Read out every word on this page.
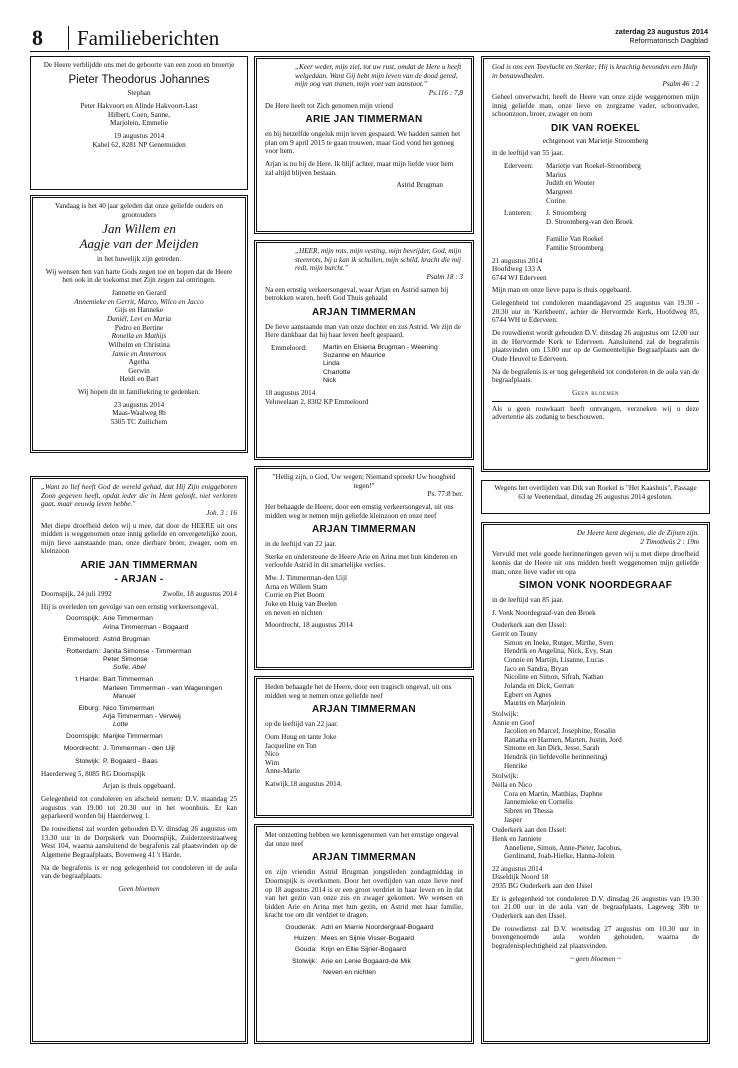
8	Familieberichten	zaterdag 23 augustus 2014
Reformatorisch Dagblad
De Heere verblijdde ons met de geboorte van een zoon en broertje
Pieter Theodorus Johannes
Stephan
Peter Hakvoort en Alinde Hakvoort-Last
Hilbert, Coen, Sanne,
Marjolein, Emmelie
19 augustus 2014
Kabel 62, 8281 NP Genemuiden
Vandaag is het 40 jaar geleden dat onze geliefde ouders en grootouders
Jan Willem en
Aagje van der Meijden
in het huwelijk zijn getreden.
Wij wensen hen van harte Gods zegen toe en hopen dat de Heere hen ook in de toekomst met Zijn zegen zal omringen.
Jannette en Gerard
Annemieke en Gerrit, Marco, Wilco en Jacco
Gijs en Hanneke
Daniël, Levi en Maria
Pedro en Bertine
Ronella en Mathijs
Wilhelm en Christina
Jamie en Anneroos
Agetha
Gerwin
Heidi en Bart
Wij hopen dit in familiekring te gedenken.
23 augustus 2014
Maas-Waalweg 8b
5305 TC Zuilichem
„Want zo lief heeft God de wereld gehad, dat Hij Zijn eniggeboren Zoon gegeven heeft, opdat ieder die in Hem gelooft, niet verloren gaat, maar eeuwig leven hebbe."
Joh. 3 : 16
Met diepe droefheid delen wij u mee, dat door de HEERE uit ons midden is weggenomen onze innig geliefde en onvergetelijke zoon, mijn lieve aanstaande man, onze dierbare broer, zwager, oom en kleinzoon
ARIE JAN TIMMERMAN
- ARJAN -
Doornspijk, 24 juli 1992	Zwolle, 18 augustus 2014
Hij is overleden ten gevolge van een ernstig verkeersongeval.
Doornspijk: Arie Timmerman
Arina Timmerman - Bogaard
Emmeloord: Astrid Brugman
Rotterdam: Janita Simonse - Timmerman
Peter Simonse
Sofie, Abel
't Harde: Bart Timmerman
Marleen Timmerman - van Wageningen
Manuel
Elburg: Nico Timmerman
Arja Timmerman - Verweij
Lotte
Doornspijk: Marijke Timmerman
Moordrecht: J. Timmerman - den Uijl
Stolwijk: P. Bogaard - Baas
Haerderweg 5, 8085 RG Doornspijk
Arjan is thuis opgebaard.
Gelegenheid tot condoleren en afscheid nemen: D.V. maandag 25 augustus van 19.00 tot 20.30 uur in het woonhuis. Er kan geparkeerd worden bij Haerderweg 1.
De rouwdienst zal worden gehouden D.V. dinsdag 26 augustus om 13.30 uur in de Dorpskerk van Doornspijk, Zuiderzeestraatweg West 104, waarna aansluitend de begrafenis zal plaatsvinden op de Algemene Begraafplaats, Bovenweg 41 't Harde.
Na de begrafenis is er nog gelegenheid tot condoleren in de aula van de begraafplaats.
Geen bloemen
„Keer weder, mijn ziel, tot uw rust, omdat de Here u heeft welgedaan. Want Gij hebt mijn leven van de dood gered, mijn oog van tranen, mijn voet van aanstoot."
Ps.116 : 7,8
De Here heeft tot Zich genomen mijn vriend
ARIE JAN TIMMERMAN
en bij hetzelfde ongeluk mijn leven gespaard. We hadden samen het plan om 9 april 2015 te gaan trouwen, maar God vond het genoeg voor hem.
Arjan is nu bij de Here. Ik blijf achter, maar mijn liefde voor hem zal altijd blijven bestaan.
Astrid Brugman
„HEER, mijn rots, mijn vesting, mijn bevrijder, God, mijn steenrots, bij u kan ik schuilen, mijn schild, kracht die mij redt, mijn burcht."
Psalm 18 : 3
Na een ernstig verkeersongeval, waar Arjan en Astrid samen bij betrokken waren, heeft God Thuis gehaald
ARJAN TIMMERMAN
De lieve aanstaande man van onze dochter en zus Astrid. We zijn de Here dankbaar dat hij haar leven heeft gespaard.
Emmeloord:	Martin en Elsiena Brugman - Weening
Suzanne en Maurice
Linda
Charlotte
Nick
18 augustus 2014
Veluwelaan 2, 8302 KP Emmeloord
"Heilig zijn, o God, Uw wegen; Niemand spreekt Uw hoogheid tegen!"
Ps. 77:8 ber.
Het behaagde de Heere, door een ernstig verkeersongeval, uit ons midden weg te nemen mijn geliefde kleinzoon en onze neef
ARJAN TIMMERMAN
in de leeftijd van 22 jaar.
Sterke en ondersteune de Heere Arie en Arina met hun kinderen en verloofde Astrid in dit smartelijke verlies.
Mw. J. Timmerman-den Uijl
Arna en Willem Stam
Corrie en Piet Boom
Joke en Huig van Beelen
en neven en nichten
Moordrecht, 18 augustus 2014
Heden behaagde het de Heere, door een tragisch ongeval, uit ons midden weg te nemen onze geliefde neef
ARJAN TIMMERMAN
op de leeftijd van 22 jaar.
Oom Huug en tante Joke
Jacqueline en Ton
Nico
Wim
Anne-Marie
Katwijk,18 augustus 2014.
Met ontzetting hebben we kennisgenomen van het ernstige ongeval dat onze neef
ARJAN TIMMERMAN
en zijn vriendin Astrid Brugman jongstleden zondagmiddag in Doornspijk is overkomen. Door het overlijden van onze lieve neef op 18 augustus 2014 is er een groot verdriet in haar leven en in dat van het gezin van onze zus en zwager gekomen. We wensen en bidden Arie en Arina met hun gezin, en Astrid met haar familie, kracht toe om dit verdriet te dragen.
Gouderak: Adri en Marrie Noordergraaf-Bogaard
Huizen: Mees en Sijnie Visser-Bogaard
Gouda: Krijn en Ellie Sijrier-Bogaard
Stolwijk: Arie en Lenie Bogaard-de Mik
Neven en nichten
God is ons een Toevlucht en Sterkte; Hij is krachtig bevonden een Hulp in benauwdheden.
Psalm 46 : 2
Geheel onverwacht, heeft de Heere van onze zijde weggenomen mijn innig geliefde man, onze lieve en zorgzame vader, schoonvader, schoonzoon, broer, zwager en oom
DIK VAN ROEKEL
echtgenoot van Marietje Stroomberg
in de leeftijd van 55 jaar.
Ederveen:	Marietje van Roekel-Stroomberg
Marius
Judith en Wouter
Margreet
Corine
Lunteren:	J. Stroomberg
D. Stroomberg-van den Broek

Familie Van Roekel
Familie Stroomberg
21 augustus 2014
Hoofdweg 133 A
6744 WJ Ederveen
Mijn man en onze lieve papa is thuis opgebaard.
Gelegenheid tot condoleren maandagavond 25 augustus van 19.30 - 20.30 uur in 'Kerkheem', achter de Hervormde Kerk, Hoofdweg 85, 6744 WH te Ederveen.
De rouwdienst wordt gehouden D.V. dinsdag 26 augustus om 12.00 uur in de Hervormde Kerk te Ederveen. Aansluitend zal de begrafenis plaatsvinden om 13.00 uur op de Gemeentelijke Begraafplaats aan de Oude Heuvel te Ederveen.
Na de begrafenis is er nog gelegenheid tot condoleren in de aula van de begraafplaats.
Geen bloemen
Als u geen rouwkaart heeft ontvangen, verzoeken wij u deze advertentie als zodanig te beschouwen.
Wegens het overlijden van Dik van Roekel is "Het Kaashuis", Passage 63 te Veenendaal, dinsdag 26 augustus 2014 gesloten.
De Heere kent degenen, die de Zijnen zijn.
2 Timotheüs 2 : 19m
Vervuld met vele goede herinneringen geven wij u met diepe droefheid kennis dat de Heere uit ons midden heeft weggenomen mijn geliefde man, onze lieve vader en opa
SIMON VONK NOORDEGRAAF
in de leeftijd van 85 jaar.
J. Vonk Noordegraaf-van den Broek
Ouderkerk aan den IJssel:
Gerrit en Teuny
Simon en Ineke, Rutger, Mirthe, Sven
Hendrik en Angelina, Nick, Evy, Stan
Connie en Martijn, Lisanne, Lucas
Jaco en Sandra, Bryan
Nicoline en Simon, Sifrah, Nathan
Jolanda en Dick, Gerran
Egbert en Agnes
Maurits en Marjolein
Stolwijk:
Annie en Goof
Jacolien en Marcel, Josephine, Rosalin
Ranatha en Harmen, Marten, Justin, Jord
Simone en Jan Dirk, Jesse, Sarah
Hendrik (in liefdevolle herinnering)
Henrike
Stolwijk:
Nella en Nico
Cora en Martin, Matthias, Daphne
Jannemieke en Cornelis
Sibren en Thessa
Jasper
Ouderkerk aan den IJssel:
Henk en Janniete
Anneliene, Simon, Anne-Pieter, Jacobus,
Gerdinand, Joab-Hielke, Hanna-Jolein
22 augustus 2014
IJsseldijk Noord 18
2935 BG Ouderkerk aan den IJssel
Er is gelegenheid tot condoleren D.V. dinsdag 26 augustus van 19.30 tot 21.00 uur in de aula van de begraafplaats, Lageweg 39b te Ouderkerk aan den IJssel.
De rouwdienst zal D.V. woensdag 27 augustus om 10.30 uur in bovengenoemde aula worden gehouden, waarna de begrafenisplechtigheid zal plaatsvinden.
~ geen bloemen ~
